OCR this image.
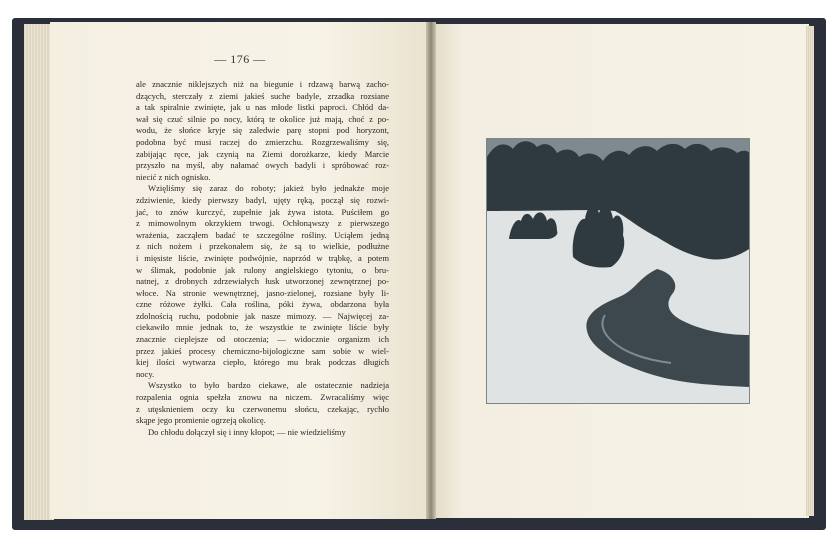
— 176 —

ale znacznie niklejszych niż na biegunie i rdzawą barwą zacho-
dzących, sterczały z ziemi jakieś suche badyle, zrzadka rozsiane
a tak spiralnie zwinięte, jak u nas młode listki paproci. Chłód da-
wał się czuć silnie po nocy, którą te okolice już mają, choć z po-
wodu, że słońce kryje się zaledwie parę stopni pod horyzont,
podobna być musi raczej do zmierzchu. Rozgrzewaliśmy się,
zabijając ręce, jak czynią na Ziemi dorożkarze, kiedy Marcie
przyszło na myśl, aby nałamać owych badyli i spróbować roz-
niecić z nich ognisko.

Wzięliśmy się zaraz do roboty; jakież było jednakże moje
zdziwienie, kiedy pierwszy badyl, ujęty ręką, począł się rozwi-
jać, to znów kurczyć, zupełnie jak żywa istota. Puściłem go
z mimowolnym okrzykiem trwogi. Ochłonąwszy z pierwszego
wrażenia, zacząłem badać te szczególne rośliny. Uciąłem jedną
z nich nożem i przekonałem się, że są to wielkie, podłużne
i mięsiste liście, zwinięte podwójnie, naprzód w trąbkę, a potem
w ślimak, podobnie jak rulony angielskiego tytoniu, o bru-
natnej, z drobnych zdrzewiałych łusk utworzonej zewnętrznej po-
włoce. Na stronie wewnętrznej, jasno-zielonej, rozsiane były li-
czne różowe żyłki. Cała roślina, póki żywa, obdarzona była
zdolnością ruchu, podobnie jak nasze mimozy. — Najwięcej za-
ciekawiło mnie jednak to, że wszystkie te zwinięte liście były
znacznie cieplejsze od otoczenia; — widocznie organizm ich
przez jakieś procesy chemiczno-bijologiczne sam sobie w wiel-
kiej ilości wytwarza ciepło, którego mu brak podczas długich
nocy.

Wszystko to było bardzo ciekawe, ale ostatecznie nadzieja
rozpalenia ognia spełzła znowu na niczem. Zwracaliśmy więc
z utęsknieniem oczy ku czerwonemu słońcu, czekając, rychło
skąpe jego promienie ogrzeją okolicę.

Do chłodu dołączył się i inny kłopot; — nie wiedzieliśmy
